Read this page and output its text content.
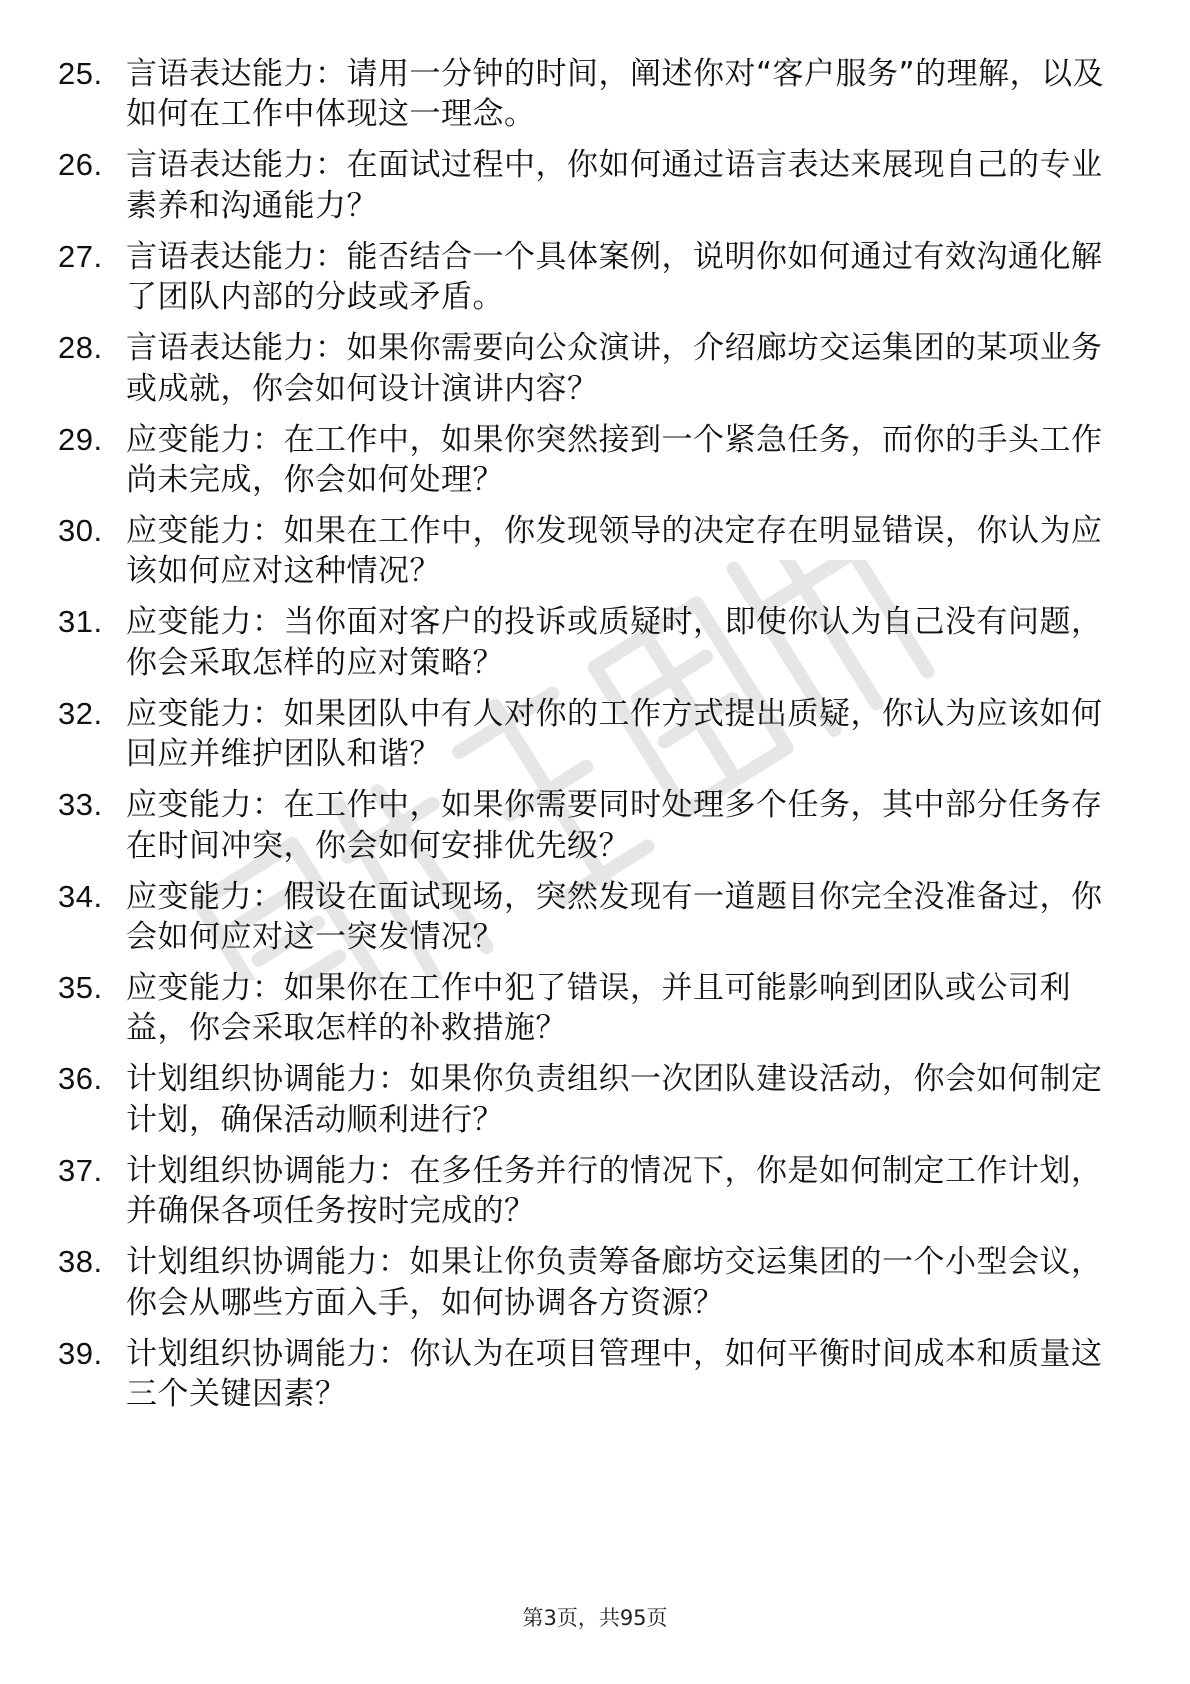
25. 言语表达能力：请用一分钟的时间，阐述你对“客户服务”的理解，以及如何在工作中体现这一理念。
26. 言语表达能力：在面试过程中，你如何通过语言表达来展现自己的专业素养和沟通能力？
27. 言语表达能力：能否结合一个具体案例，说明你如何通过有效沟通化解了团队内部的分歧或矛盾。
28. 言语表达能力：如果你需要向公众演讲，介绍廊坊交运集团的某项业务或成就，你会如何设计演讲内容？
29. 应变能力：在工作中，如果你突然接到一个紧急任务，而你的手头工作尚未完成，你会如何处理？
30. 应变能力：如果在工作中，你发现领导的决定存在明显错误，你认为应该如何应对这种情况？
31. 应变能力：当你面对客户的投诉或质疑时，即使你认为自己没有问题，你会采取怎样的应对策略？
32. 应变能力：如果团队中有人对你的工作方式提出质疑，你认为应该如何回应并维护团队和谐？
33. 应变能力：在工作中，如果你需要同时处理多个任务，其中部分任务存在时间冲突，你会如何安排优先级？
34. 应变能力：假设在面试现场，突然发现有一道题目你完全没准备过，你会如何应对这一突发情况？
35. 应变能力：如果你在工作中犯了错误，并且可能影响到团队或公司利益，你会采取怎样的补救措施？
36. 计划组织协调能力：如果你负责组织一次团队建设活动，你会如何制定计划，确保活动顺利进行？
37. 计划组织协调能力：在多任务并行的情况下，你是如何制定工作计划，并确保各项任务按时完成的？
38. 计划组织协调能力：如果让你负责筹备廊坊交运集团的一个小型会议，你会从哪些方面入手，如何协调各方资源？
39. 计划组织协调能力：你认为在项目管理中，如何平衡时间成本和质量这三个关键因素？
第3页，共95页
